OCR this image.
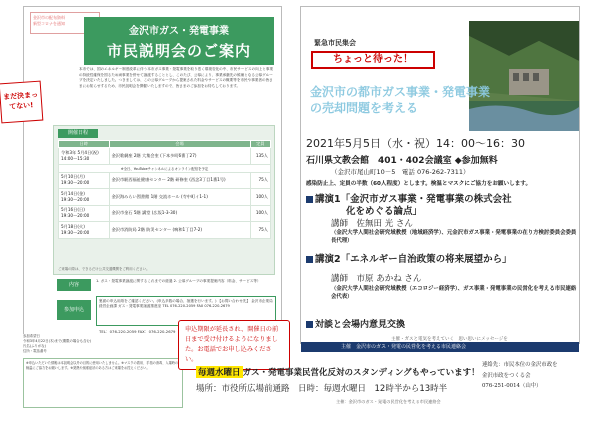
金沢市の配布資料
新型コロナを通知
金沢市ガス・発電事業
市民説明会のご案内
本市では、国のエネルギー制度改革に伴う本市ガス事業・発電事業を取り巻く環境変化の中、市民サービスの向上と事業の持続性確保を図るため両事業を併せて譲渡することとし、このたび、公募により、事業承継先の候補となる公募グループを決定いたしました。つきましては、この公募グループから提案された料金やサービスの概要等を市民や事業者の皆さまにお知らせするため、市民説明会を開催いたしますので、皆さまのご参加をお待ちしております。
開催日程
日時	会場	定員
令和3年 5月4日(祝)
14:00～15:30	金沢歌劇座 2階 大集会室 (下本多町6番丁27)	135人
※全日、YouTubeチャンネルによるオンライン配信を予定		
5月10日(月)
19:30～20:00	金沢市駅西福祉健康センター 2階 研修室 (西念3丁目1番1号)	75人
5月14日(金)
19:30～20:00	金沢海みらい図書館 1階 交流ホール (寺中町イ1-1)	100人
5月16日(日)
19:30～20:00	金沢市金石 5階 講堂 (広坂1-3-30)	100人
5月18日(火)
19:30～20:00	金沢市消防局 2階 防災センター (鳴和1丁目7-2)	75人
ご来場の際は、できるだけ公共交通機関をご利用ください。
内容
1. ガス・発電事業譲渡に関するこれまでの経過 2. 公募グループの事業提案内容（料金、サービス等）
参加申込
裏面の申込用紙をご確認ください。(申込多数の場合、抽選を行います。) 【お問い合わせ先】 金沢市企業局 経営企画課 ガス・発電事業譲渡推進室 TEL 076-220-2059 FAX 076-220-2679
TEL：076-220-2059 FAX：076-220-2679
まだ決まってない!
参加希望日
令和3年4月22日(木)まで(期限の場合も含む)
氏名(ふりがな)
住所・電話番号
※申込いただいた情報は本説明会以外の目的に使用いたしません。※マスクの着用、手指の消毒、入場時の検温にご協力をお願いします。※発熱や風邪症状のある方はご来場をお控えください。
申込期限が延長され、開催日の前日まで受け付けるようになりました。お電話でお申し込みください。
緊急市民集会
ちょっと待った！
金沢市の都市ガス事業・発電事業の売却問題を考える
2021年5月5日（水・祝）14：00～16：30
石川県文教会館　401・402会議室 ◆参加無料
（金沢市尾山町10－5　電話 076-262-7311）
感染防止上、定員の半数（60人程度）とします。検温とマスクにご協力をお願いします。
講演1「金沢市ガス事業・発電事業の株式会社
化をめぐる論点」
講師　佐無田 光 さん
（金沢大学人間社会研究域教授（地域経済学）、元金沢市ガス事業・発電事業の在り方検討委員会委員長代理）
講演2「エネルギー自治政策の将来展望から」
講師　市原 あかね さん
（金沢大学人間社会研究域教授（エコロジー経済学）、ガス事業・発電事業の民営化を考える市民連絡会代表）
対談と会場内意見交換
主催・ガスと電気を考えていく　思い思いにメッセージを
主催　金沢市のガス・発電の民営化を考える市民連絡会
毎週水曜日 ガス・発電事業民営化反対のスタンディングもやっています！
場所：市役所広場前通路　日時：毎週水曜日　12時半から13時半
主催：金沢市のガス・発電の民営化を考える市民連絡会
連絡先：市民本位の金沢市政を
金沢市政をつくる会
076-251-0014（山中）
